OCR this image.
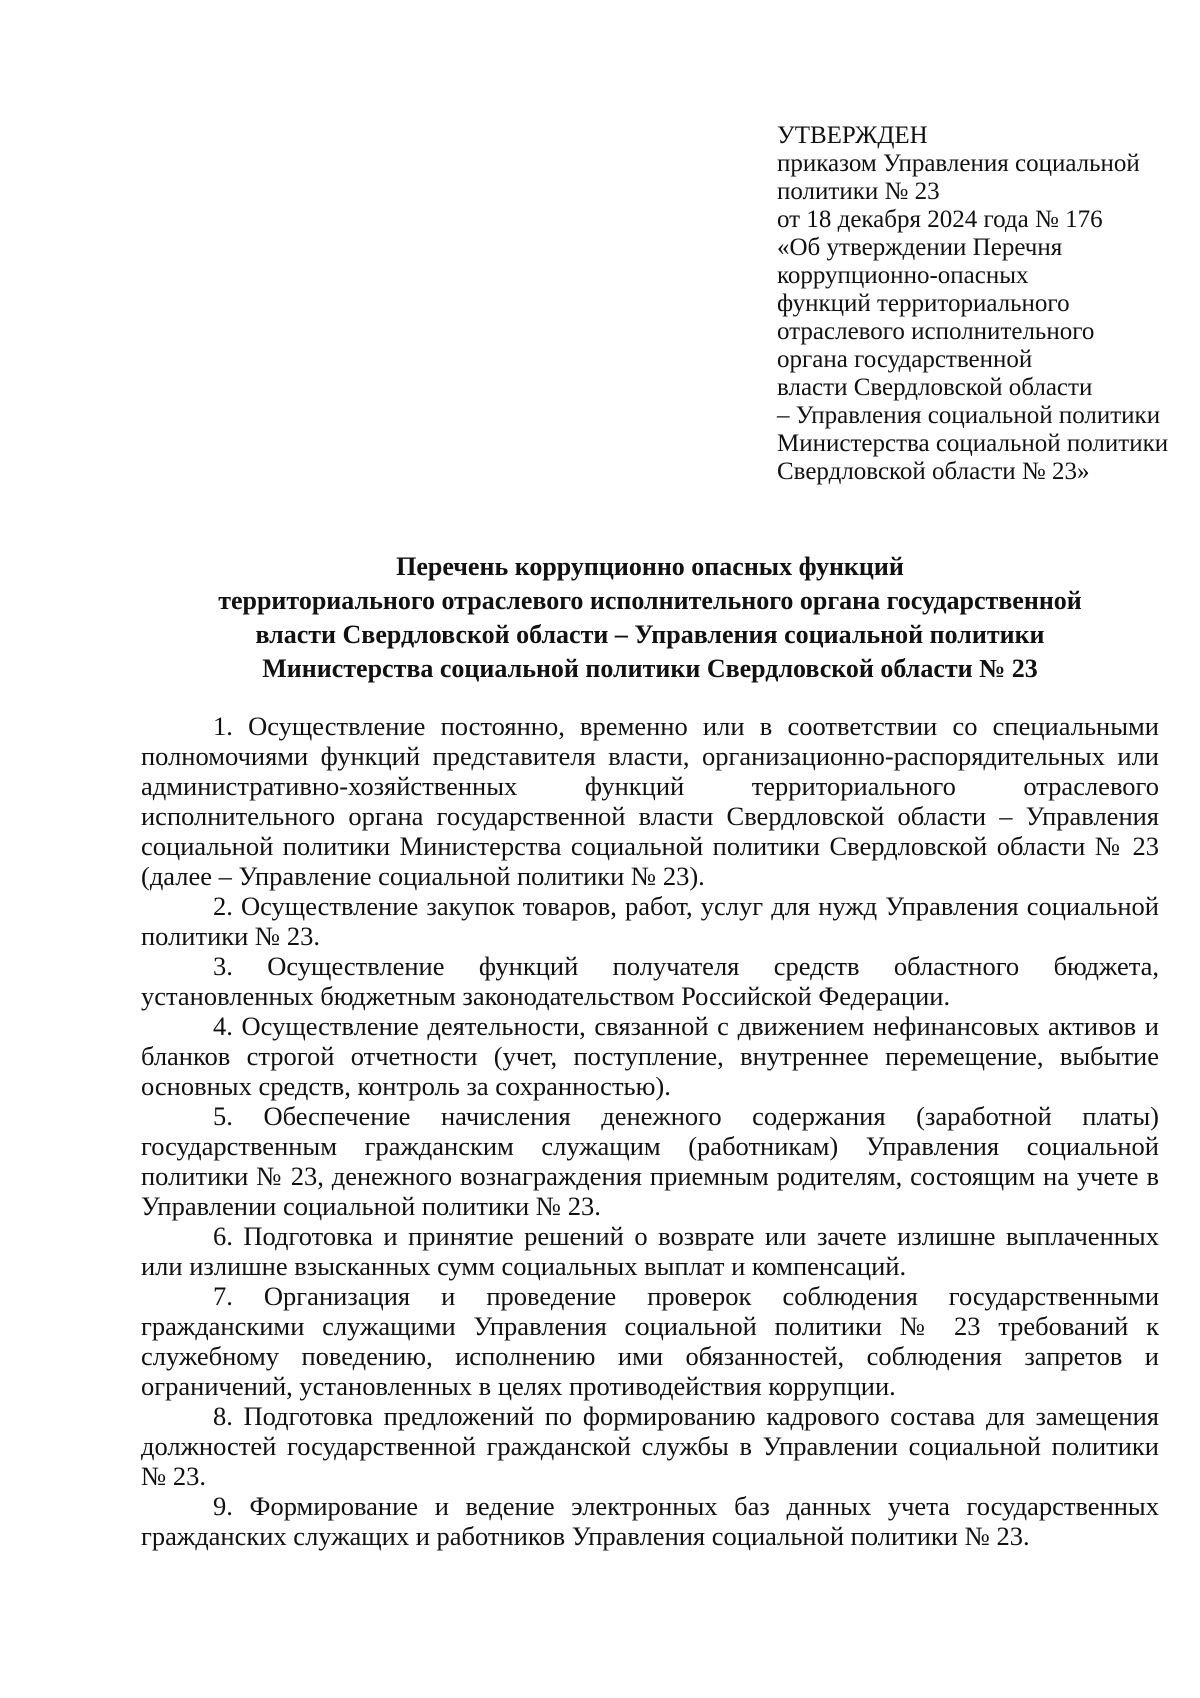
УТВЕРЖДЕН
приказом Управления социальной
политики № 23
от 18 декабря 2024 года № 176
«Об утверждении Перечня
коррупционно-опасных
функций территориального
отраслевого исполнительного
органа государственной
власти Свердловской области
– Управления социальной политики
Министерства социальной политики
Свердловской области № 23»
Перечень коррупционно опасных функций
территориального отраслевого исполнительного органа государственной
власти Свердловской области – Управления социальной политики
Министерства социальной политики Свердловской области № 23

1. Осуществление постоянно, временно или в соответствии со специальными полномочиями функций представителя власти, организационно-распорядительных или административно-хозяйственных функций территориального отраслевого исполнительного органа государственной власти Свердловской области – Управления социальной политики Министерства социальной политики Свердловской области № 23 (далее – Управление социальной политики № 23).

2. Осуществление закупок товаров, работ, услуг для нужд Управления социальной политики № 23.

3. Осуществление функций получателя средств областного бюджета, установленных бюджетным законодательством Российской Федерации.

4. Осуществление деятельности, связанной с движением нефинансовых активов и бланков строгой отчетности (учет, поступление, внутреннее перемещение, выбытие основных средств, контроль за сохранностью).

5. Обеспечение начисления денежного содержания (заработной платы) государственным гражданским служащим (работникам) Управления социальной политики № 23, денежного вознаграждения приемным родителям, состоящим на учете в Управлении социальной политики № 23.

6. Подготовка и принятие решений о возврате или зачете излишне выплаченных или излишне взысканных сумм социальных выплат и компенсаций.

7. Организация и проведение проверок соблюдения государственными гражданскими служащими Управления социальной политики № 23 требований к служебному поведению, исполнению ими обязанностей, соблюдения запретов и ограничений, установленных в целях противодействия коррупции.

8. Подготовка предложений по формированию кадрового состава для замещения должностей государственной гражданской службы в Управлении социальной политики № 23.

9. Формирование и ведение электронных баз данных учета государственных гражданских служащих и работников Управления социальной политики № 23.
